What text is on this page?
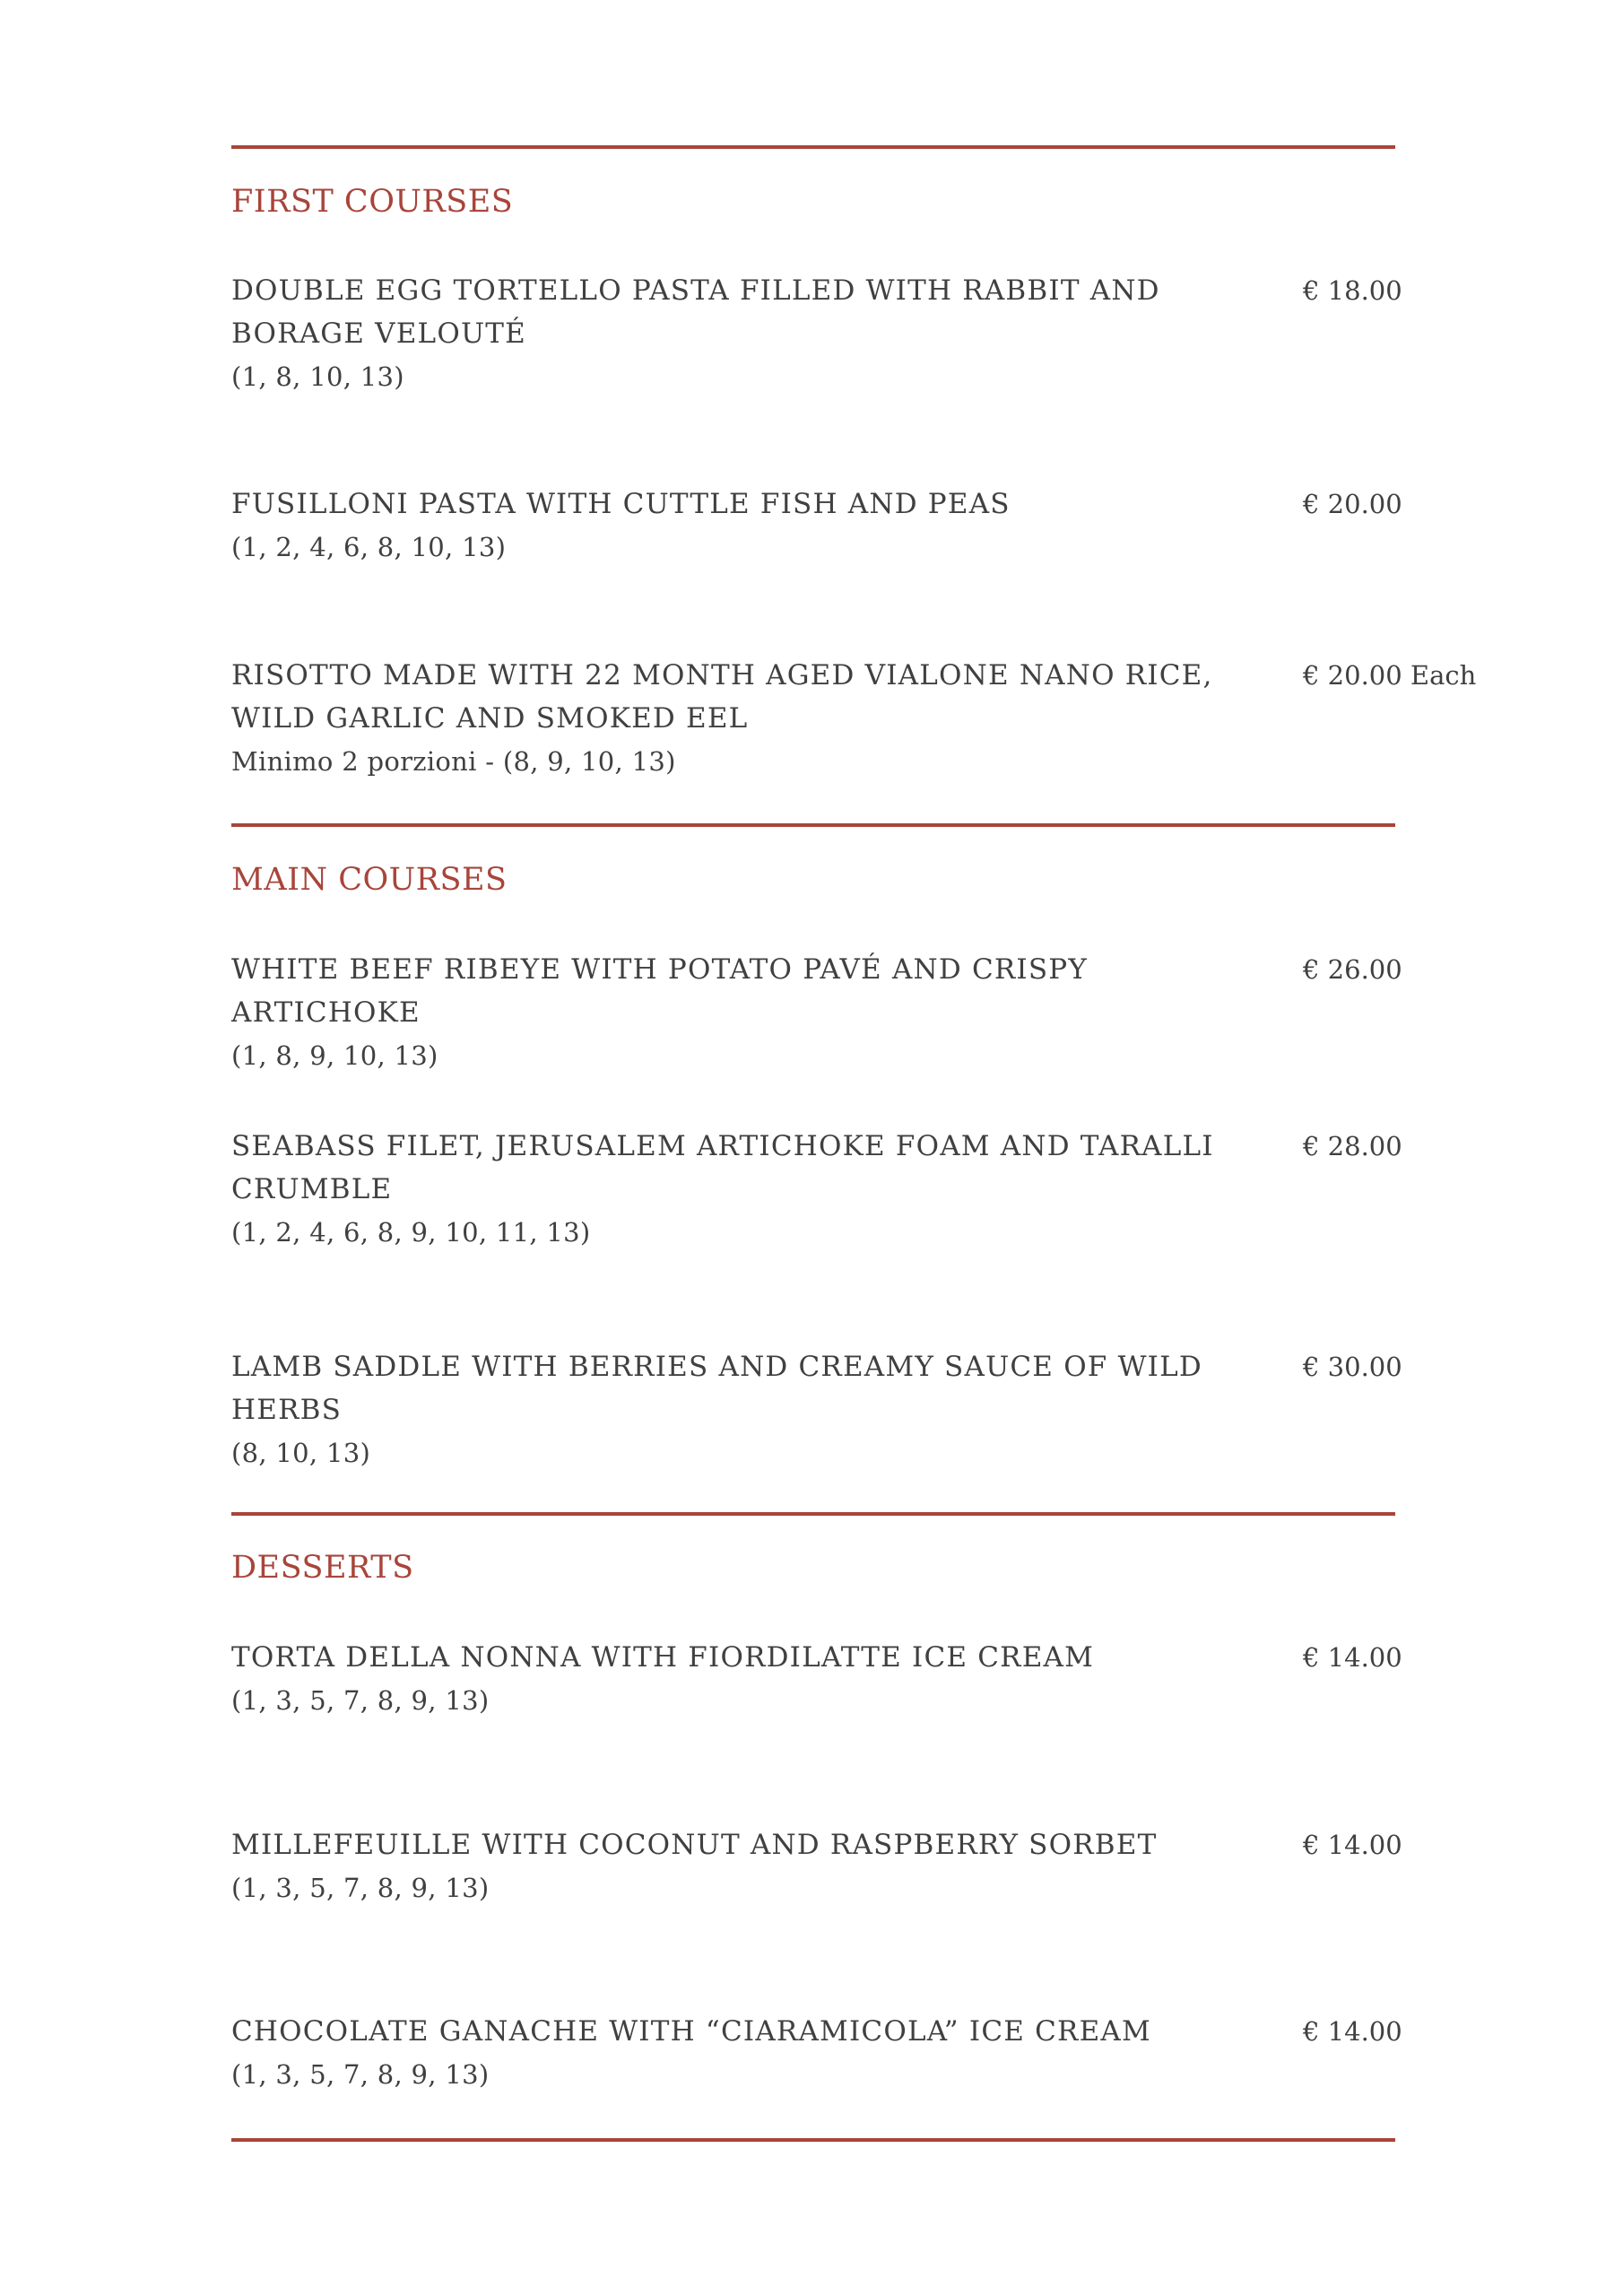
FIRST COURSES
DOUBLE EGG TORTELLO PASTA FILLED WITH RABBIT AND BORAGE VELOUTÉ
(1, 8, 10, 13)
€ 18.00
FUSILLONI PASTA WITH CUTTLE FISH AND PEAS
(1, 2, 4, 6, 8, 10, 13)
€ 20.00
RISOTTO MADE WITH 22 MONTH AGED VIALONE NANO RICE, WILD GARLIC AND SMOKED EEL
Minimo 2 porzioni - (8, 9, 10, 13)
€ 20.00 Each
MAIN COURSES
WHITE BEEF RIBEYE WITH POTATO PAVÉ AND CRISPY ARTICHOKE
(1, 8, 9, 10, 13)
€ 26.00
SEABASS FILET, JERUSALEM ARTICHOKE FOAM AND TARALLI CRUMBLE
(1, 2, 4, 6, 8, 9, 10, 11, 13)
€ 28.00
LAMB SADDLE WITH BERRIES AND CREAMY SAUCE OF WILD HERBS
(8, 10, 13)
€ 30.00
DESSERTS
TORTA DELLA NONNA WITH FIORDILATTE ICE CREAM
(1, 3, 5, 7, 8, 9, 13)
€ 14.00
MILLEFEUILLE WITH COCONUT AND RASPBERRY SORBET
(1, 3, 5, 7, 8, 9, 13)
€ 14.00
CHOCOLATE GANACHE WITH “CIARAMICOLA” ICE CREAM
(1, 3, 5, 7, 8, 9, 13)
€ 14.00
